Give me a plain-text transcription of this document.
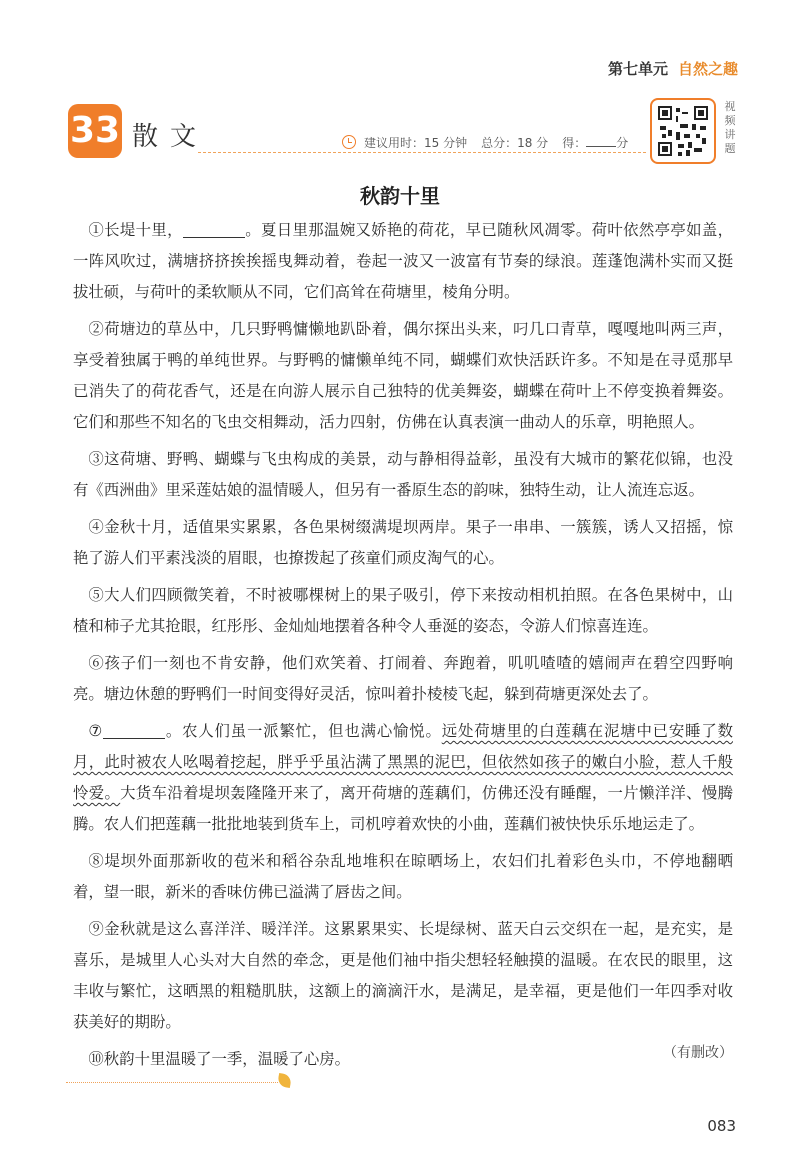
第七单元 自然之趣
33 散文	建议用时：15 分钟 总分：18 分 得：	分
视频讲题
秋韵十里

①长堤十里，	。夏日里那温婉又娇艳的荷花，早已随秋风凋零。荷叶依然亭亭如盖，一阵风吹过，满塘挤挤挨挨摇曳舞动着，卷起一波又一波富有节奏的绿浪。莲蓬饱满朴实而又挺拔壮硕，与荷叶的柔软顺从不同，它们高耸在荷塘里，棱角分明。

②荷塘边的草丛中，几只野鸭慵懒地趴卧着，偶尔探出头来，叼几口青草，嘎嘎地叫两三声，享受着独属于鸭的单纯世界。与野鸭的慵懒单纯不同，蝴蝶们欢快活跃许多。不知是在寻觅那早已消失了的荷花香气，还是在向游人展示自己独特的优美舞姿，蝴蝶在荷叶上不停变换着舞姿。它们和那些不知名的飞虫交相舞动，活力四射，仿佛在认真表演一曲动人的乐章，明艳照人。

③这荷塘、野鸭、蝴蝶与飞虫构成的美景，动与静相得益彰，虽没有大城市的繁花似锦，也没有《西洲曲》里采莲姑娘的温情暖人，但另有一番原生态的韵味，独特生动，让人流连忘返。

④金秋十月，适值果实累累，各色果树缀满堤坝两岸。果子一串串、一簇簇，诱人又招摇，惊艳了游人们平素浅淡的眉眼，也撩拨起了孩童们顽皮淘气的心。

⑤大人们四顾微笑着，不时被哪棵树上的果子吸引，停下来按动相机拍照。在各色果树中，山楂和柿子尤其抢眼，红彤彤、金灿灿地摆着各种令人垂涎的姿态，令游人们惊喜连连。

⑥孩子们一刻也不肯安静，他们欢笑着、打闹着、奔跑着，叽叽喳喳的嬉闹声在碧空四野响亮。塘边休憩的野鸭们一时间变得好灵活，惊叫着扑棱棱飞起，躲到荷塘更深处去了。

⑦	。农人们虽一派繁忙，但也满心愉悦。远处荷塘里的白莲藕在泥塘中已安睡了数月，此时被农人吆喝着挖起，胖乎乎虽沾满了黑黑的泥巴，但依然如孩子的嫩白小脸，惹人千般怜爱。大货车沿着堤坝轰隆隆开来了，离开荷塘的莲藕们，仿佛还没有睡醒，一片懒洋洋、慢腾腾。农人们把莲藕一批批地装到货车上，司机哼着欢快的小曲，莲藕们被快快乐乐地运走了。

⑧堤坝外面那新收的苞米和稻谷杂乱地堆积在晾晒场上，农妇们扎着彩色头巾，不停地翻晒着，望一眼，新米的香味仿佛已溢满了唇齿之间。

⑨金秋就是这么喜洋洋、暖洋洋。这累累果实、长堤绿树、蓝天白云交织在一起，是充实，是喜乐，是城里人心头对大自然的牵念，更是他们袖中指尖想轻轻触摸的温暖。在农民的眼里，这丰收与繁忙，这晒黑的粗糙肌肤，这额上的滴滴汗水，是满足，是幸福，更是他们一年四季对收获美好的期盼。

⑩秋韵十里温暖了一季，温暖了心房。	（有删改）
083
